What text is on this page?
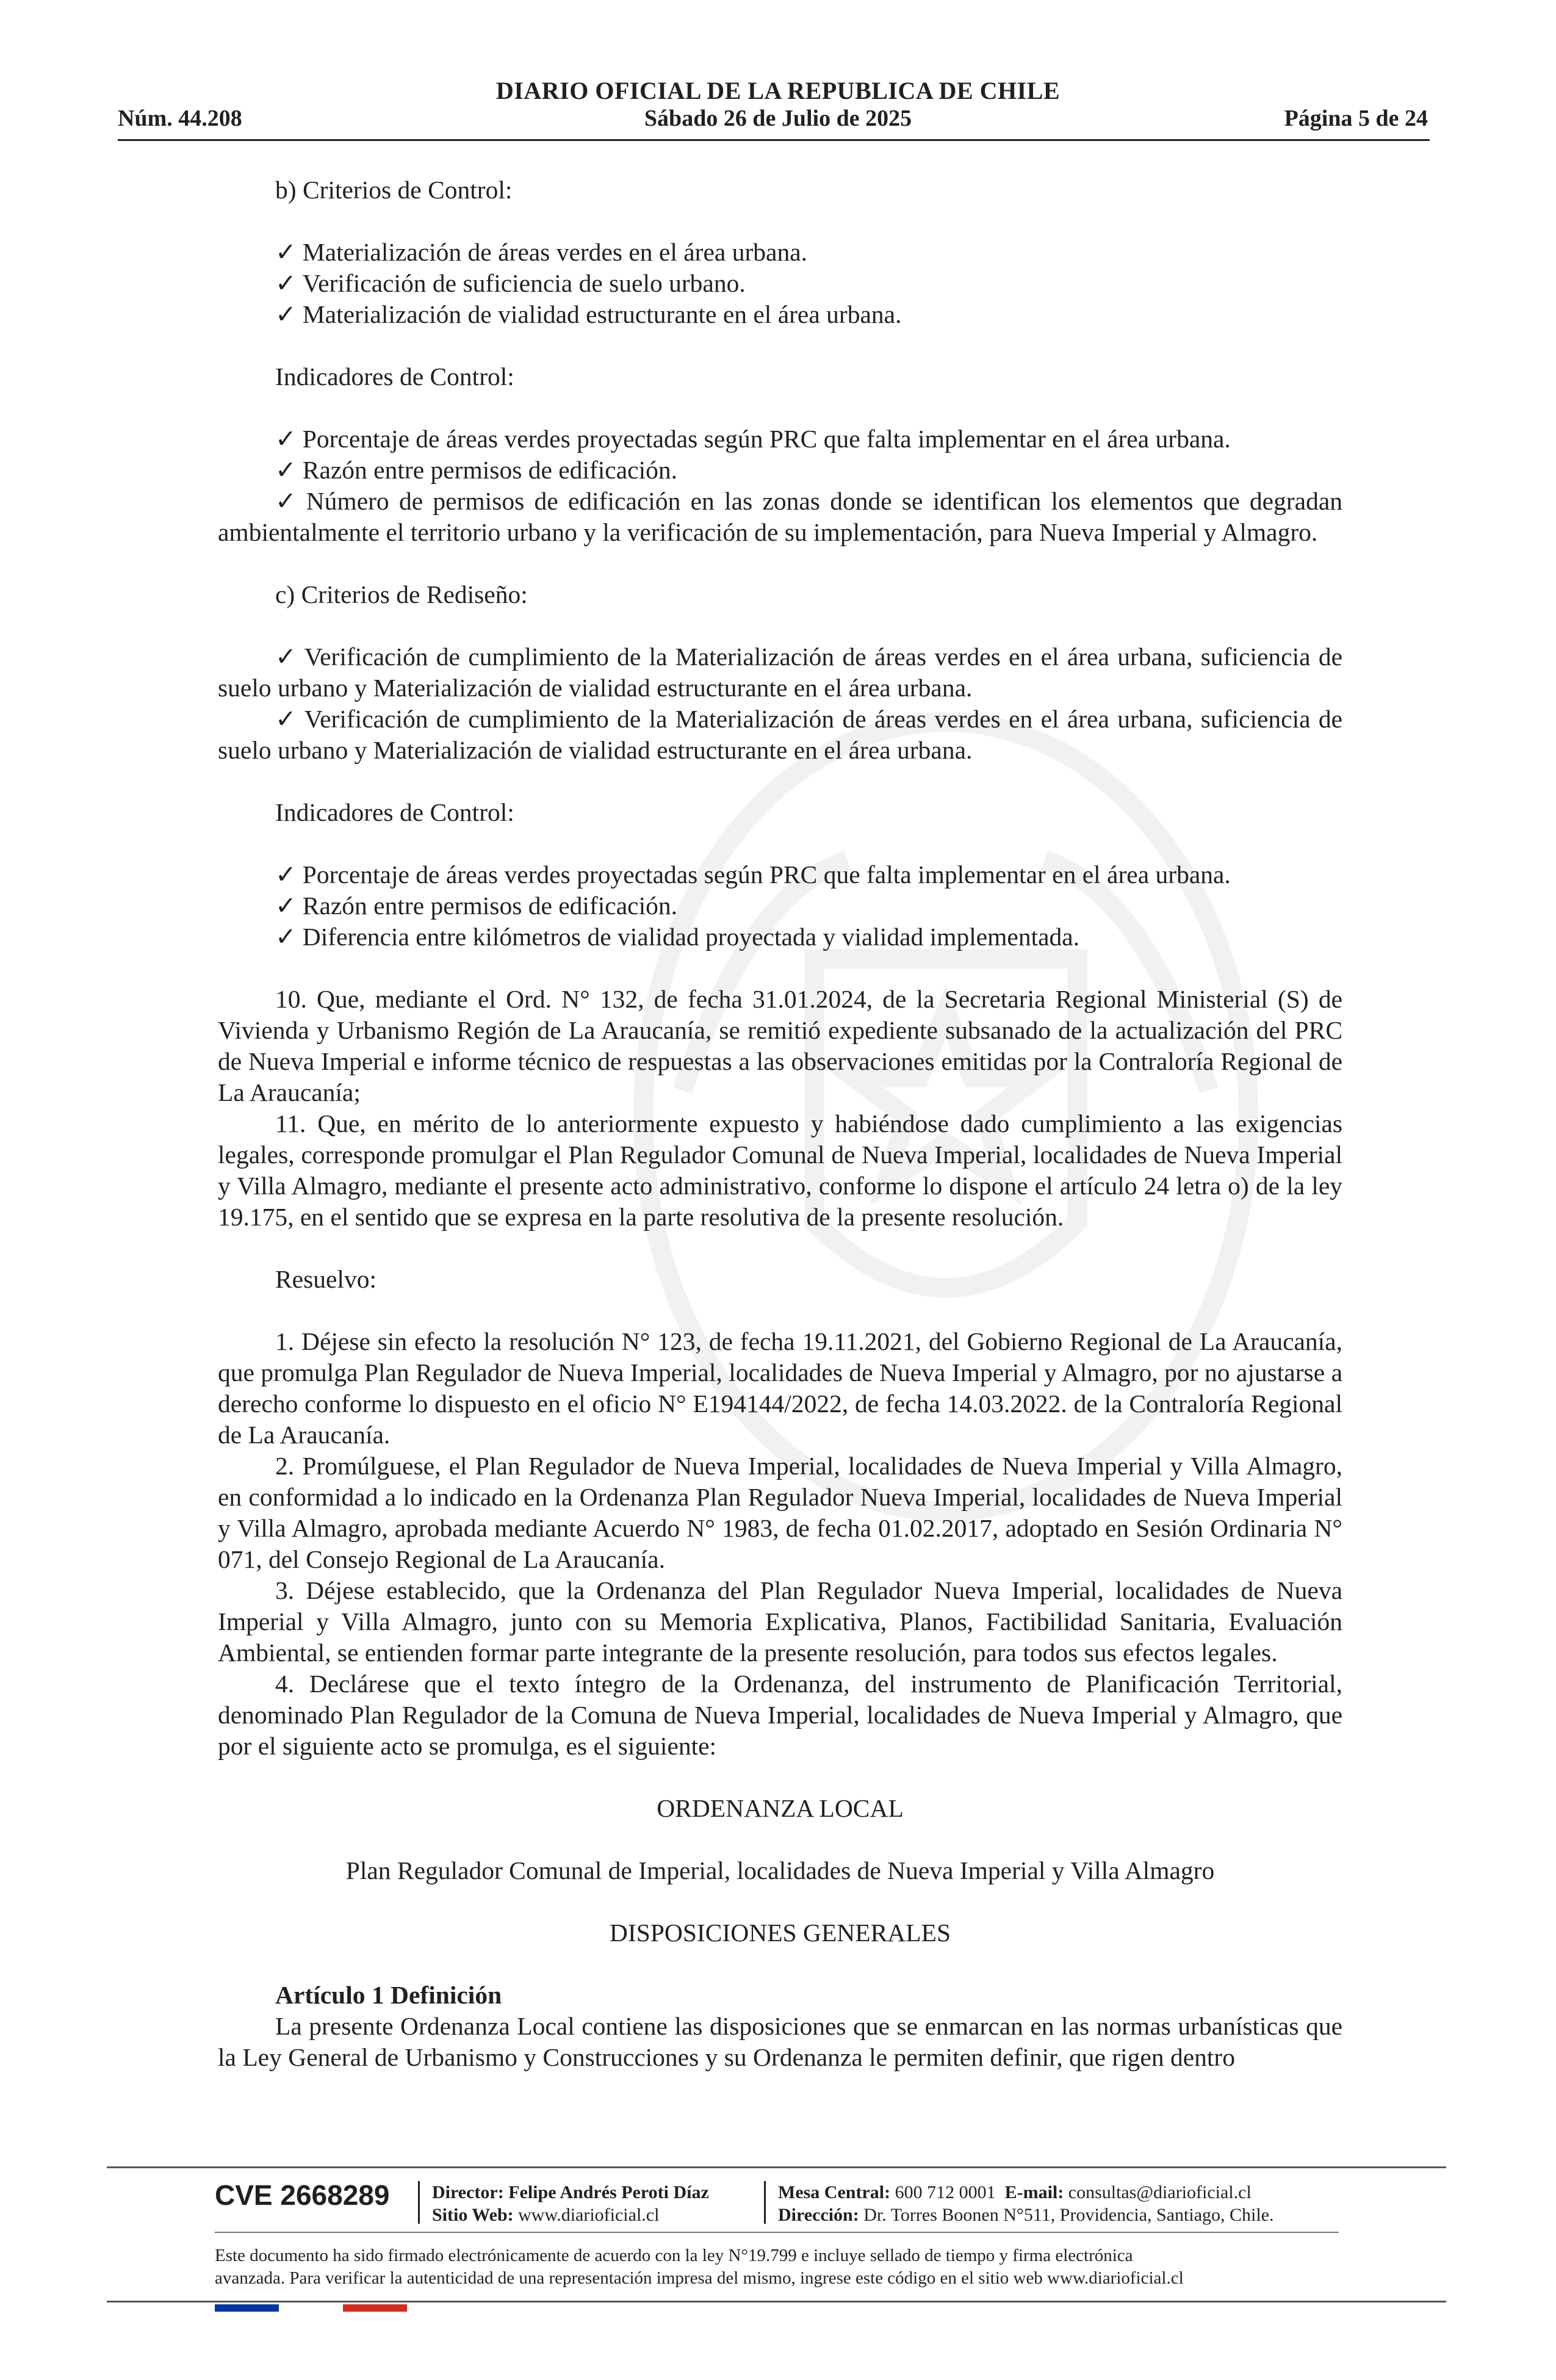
Núm. 44.208
DIARIO OFICIAL DE LA REPUBLICA DE CHILE
Sábado 26 de Julio de 2025	Página 5 de 24

b) Criterios de Control:

✓ Materialización de áreas verdes en el área urbana.

✓ Verificación de suficiencia de suelo urbano.

✓ Materialización de vialidad estructurante en el área urbana.

Indicadores de Control:

✓ Porcentaje de áreas verdes proyectadas según PRC que falta implementar en el área urbana.

✓ Razón entre permisos de edificación.

✓ Número de permisos de edificación en las zonas donde se identifican los elementos que degradan ambientalmente el territorio urbano y la verificación de su implementación, para Nueva Imperial y Almagro.

c) Criterios de Rediseño:

✓ Verificación de cumplimiento de la Materialización de áreas verdes en el área urbana, suficiencia de suelo urbano y Materialización de vialidad estructurante en el área urbana.

✓ Verificación de cumplimiento de la Materialización de áreas verdes en el área urbana, suficiencia de suelo urbano y Materialización de vialidad estructurante en el área urbana.

Indicadores de Control:

✓ Porcentaje de áreas verdes proyectadas según PRC que falta implementar en el área urbana.

✓ Razón entre permisos de edificación.

✓ Diferencia entre kilómetros de vialidad proyectada y vialidad implementada.

10. Que, mediante el Ord. N° 132, de fecha 31.01.2024, de la Secretaria Regional Ministerial (S) de Vivienda y Urbanismo Región de La Araucanía, se remitió expediente subsanado de la actualización del PRC de Nueva Imperial e informe técnico de respuestas a las observaciones emitidas por la Contraloría Regional de La Araucanía;

11. Que, en mérito de lo anteriormente expuesto y habiéndose dado cumplimiento a las exigencias legales, corresponde promulgar el Plan Regulador Comunal de Nueva Imperial, localidades de Nueva Imperial y Villa Almagro, mediante el presente acto administrativo, conforme lo dispone el artículo 24 letra o) de la ley 19.175, en el sentido que se expresa en la parte resolutiva de la presente resolución.

Resuelvo:

1. Déjese sin efecto la resolución N° 123, de fecha 19.11.2021, del Gobierno Regional de La Araucanía, que promulga Plan Regulador de Nueva Imperial, localidades de Nueva Imperial y Almagro, por no ajustarse a derecho conforme lo dispuesto en el oficio N° E194144/2022, de fecha 14.03.2022. de la Contraloría Regional de La Araucanía.

2. Promúlguese, el Plan Regulador de Nueva Imperial, localidades de Nueva Imperial y Villa Almagro, en conformidad a lo indicado en la Ordenanza Plan Regulador Nueva Imperial, localidades de Nueva Imperial y Villa Almagro, aprobada mediante Acuerdo N° 1983, de fecha 01.02.2017, adoptado en Sesión Ordinaria N° 071, del Consejo Regional de La Araucanía.

3. Déjese establecido, que la Ordenanza del Plan Regulador Nueva Imperial, localidades de Nueva Imperial y Villa Almagro, junto con su Memoria Explicativa, Planos, Factibilidad Sanitaria, Evaluación Ambiental, se entienden formar parte integrante de la presente resolución, para todos sus efectos legales.

4. Declárese que el texto íntegro de la Ordenanza, del instrumento de Planificación Territorial, denominado Plan Regulador de la Comuna de Nueva Imperial, localidades de Nueva Imperial y Almagro, que por el siguiente acto se promulga, es el siguiente:

ORDENANZA LOCAL

Plan Regulador Comunal de Imperial, localidades de Nueva Imperial y Villa Almagro

DISPOSICIONES GENERALES

Artículo 1 Definición

La presente Ordenanza Local contiene las disposiciones que se enmarcan en las normas urbanísticas que la Ley General de Urbanismo y Construcciones y su Ordenanza le permiten definir, que rigen dentro

CVE 2668289 Director: Felipe Andrés Peroti Díaz
Sitio Web: www.diarioficial.cl
Mesa Central: 600 712 0001 E-mail: consultas@diarioficial.cl
Dirección: Dr. Torres Boonen N°511, Providencia, Santiago, Chile.
Este documento ha sido firmado electrónicamente de acuerdo con la ley N°19.799 e incluye sellado de tiempo y firma electrónica
avanzada. Para verificar la autenticidad de una representación impresa del mismo, ingrese este código en el sitio web www.diarioficial.cl
